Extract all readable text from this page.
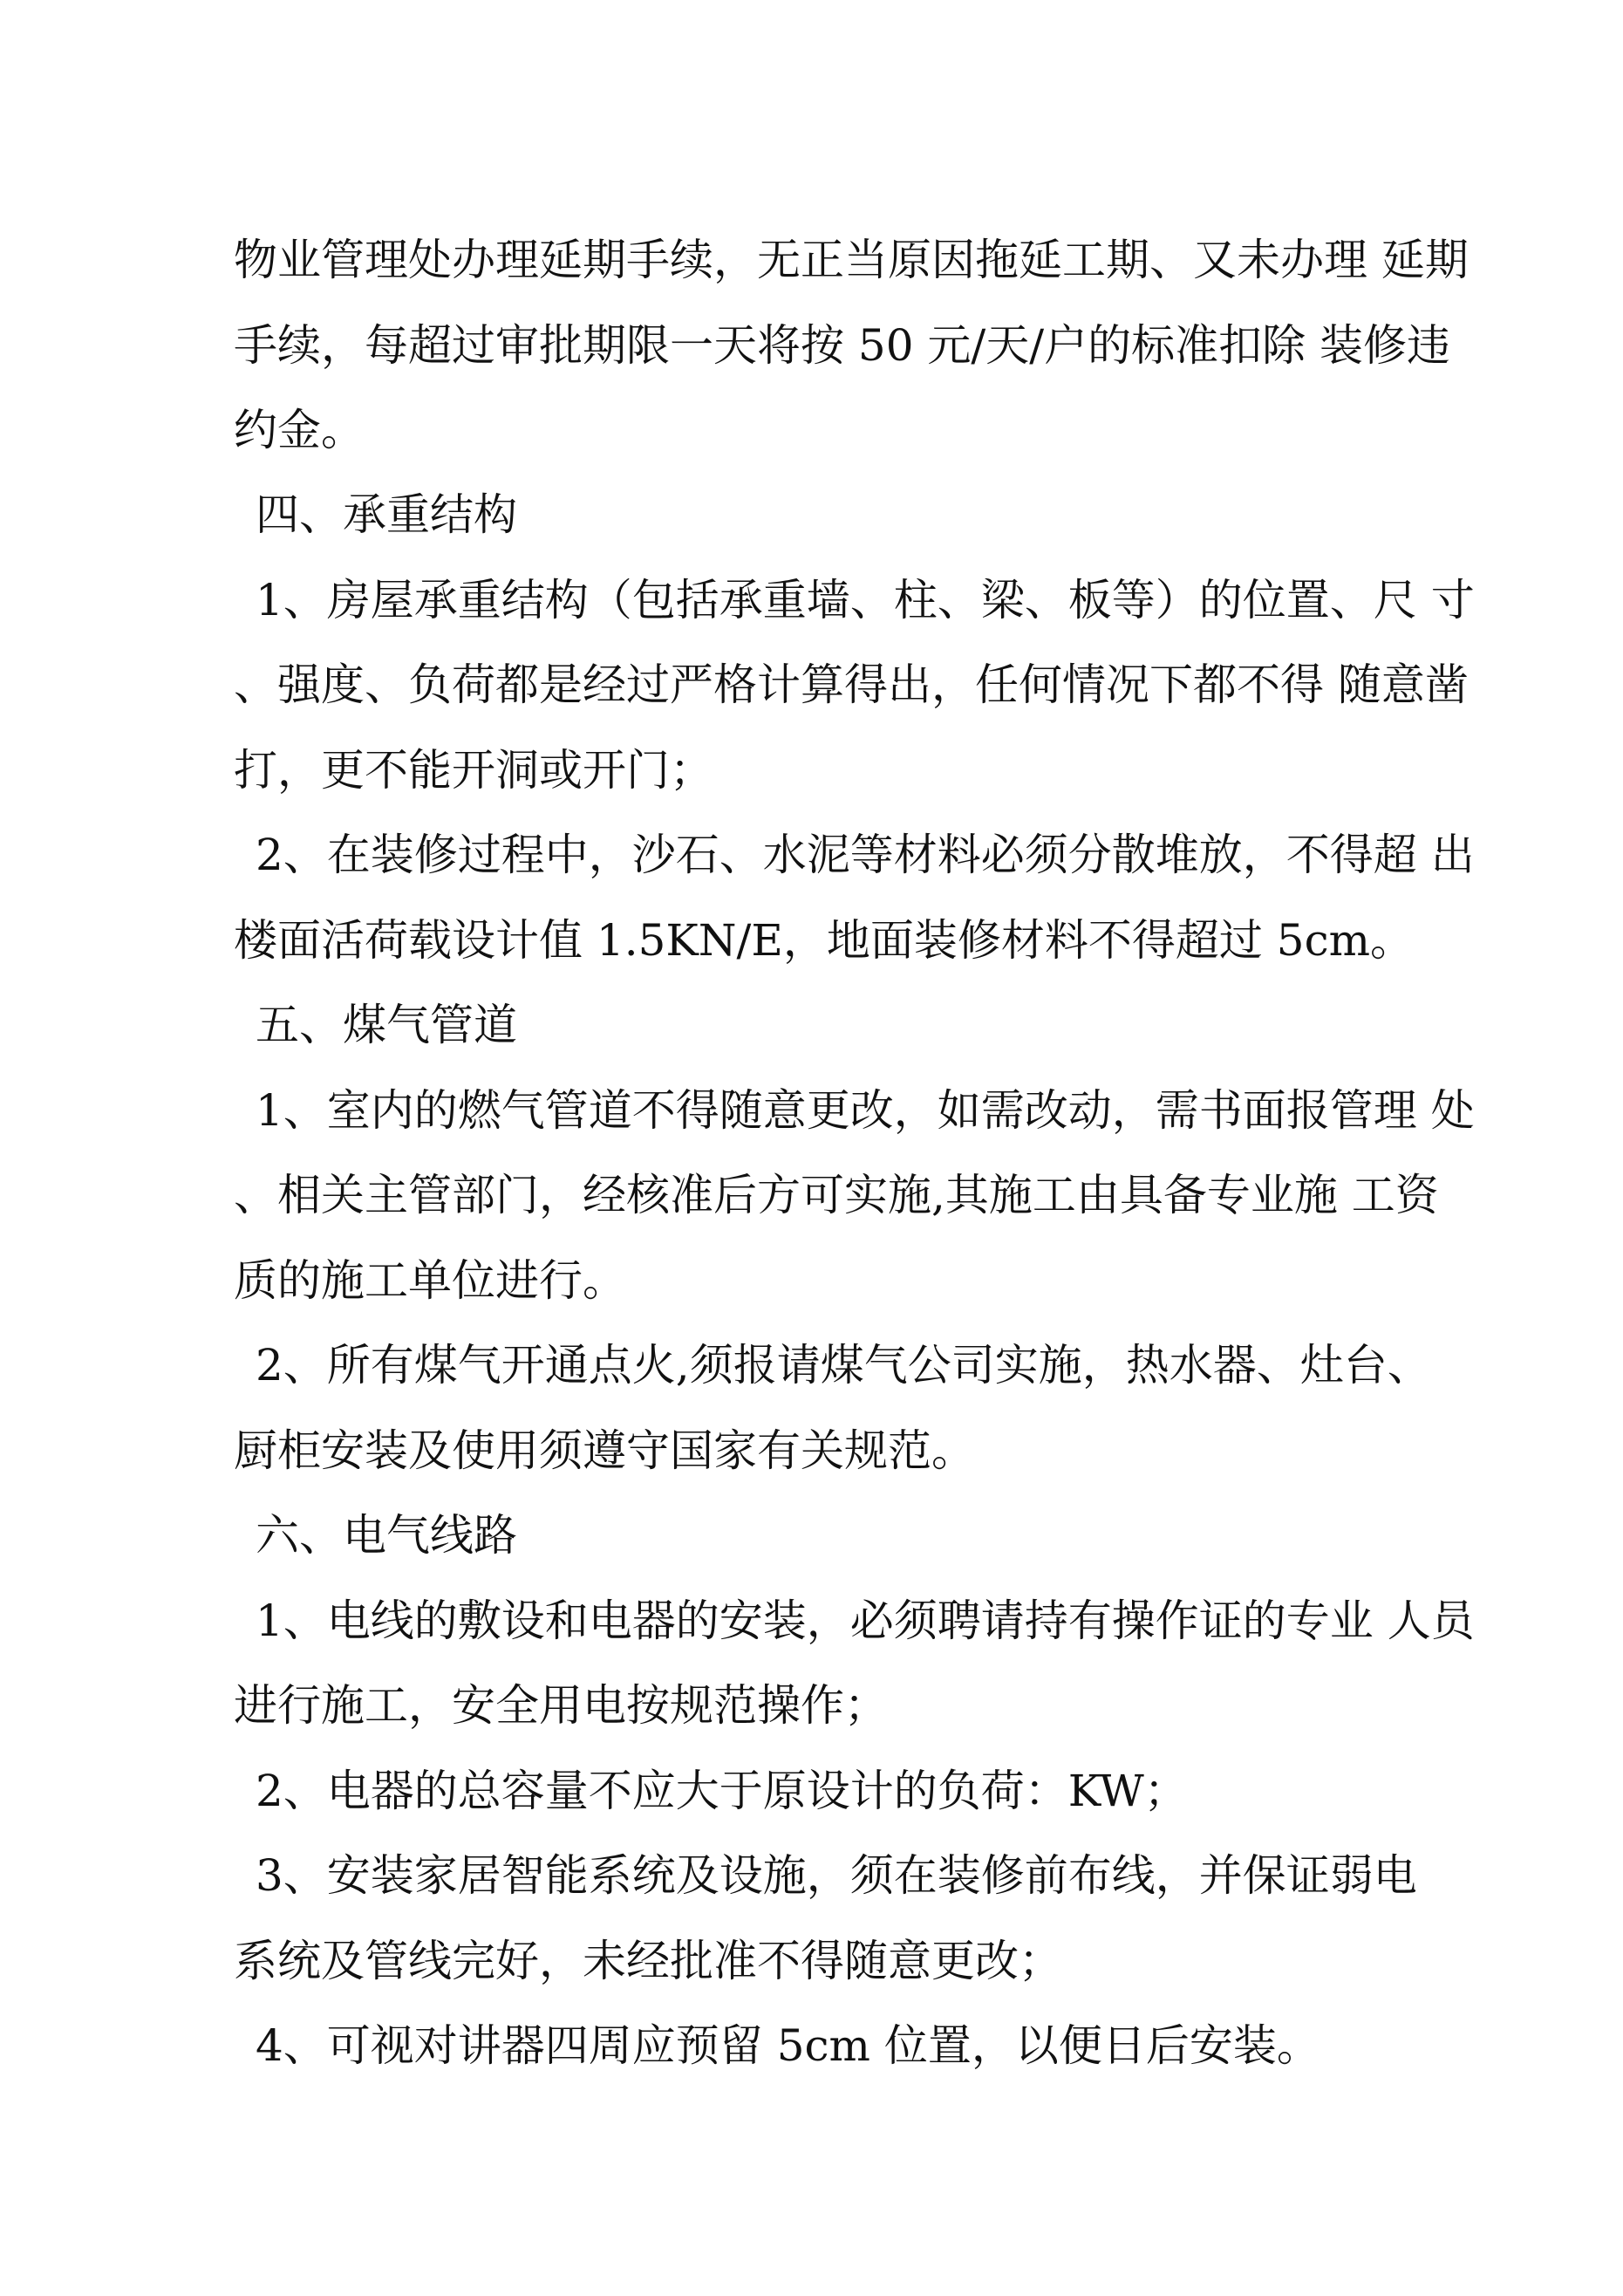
物业管理处办理延期手续，无正当原因拖延工期、又未办理 延期
手续，每超过审批期限一天将按 50 元/天/户的标准扣除 装修违
约金。
四、承重结构
1、房屋承重结构（包括承重墙、柱、梁、板等）的位置、尺 寸
、强度、负荷都是经过严格计算得出，任何情况下都不得 随意凿
打，更不能开洞或开门；
2、在装修过程中，沙石、水泥等材料必须分散堆放，不得超 出
楼面活荷载设计值 1.5KN/E，地面装修材料不得超过 5cm。
五、煤气管道
1、室内的燃气管道不得随意更改，如需改动，需书面报管理 处
、相关主管部门，经核准后方可实施,其施工由具备专业施 工资
质的施工单位进行。
2、所有煤气开通点火,须报请煤气公司实施，热水器、灶台、
厨柜安装及使用须遵守国家有关规范。
六、电气线路
1、电线的敷设和电器的安装，必须聘请持有操作证的专业 人员
进行施工，安全用电按规范操作；
2、电器的总容量不应大于原设计的负荷：KW；
3、安装家居智能系统及设施，须在装修前布线，并保证弱电
系统及管线完好，未经批准不得随意更改；
4、可视对讲器四周应预留 5cm 位置，以便日后安装。
